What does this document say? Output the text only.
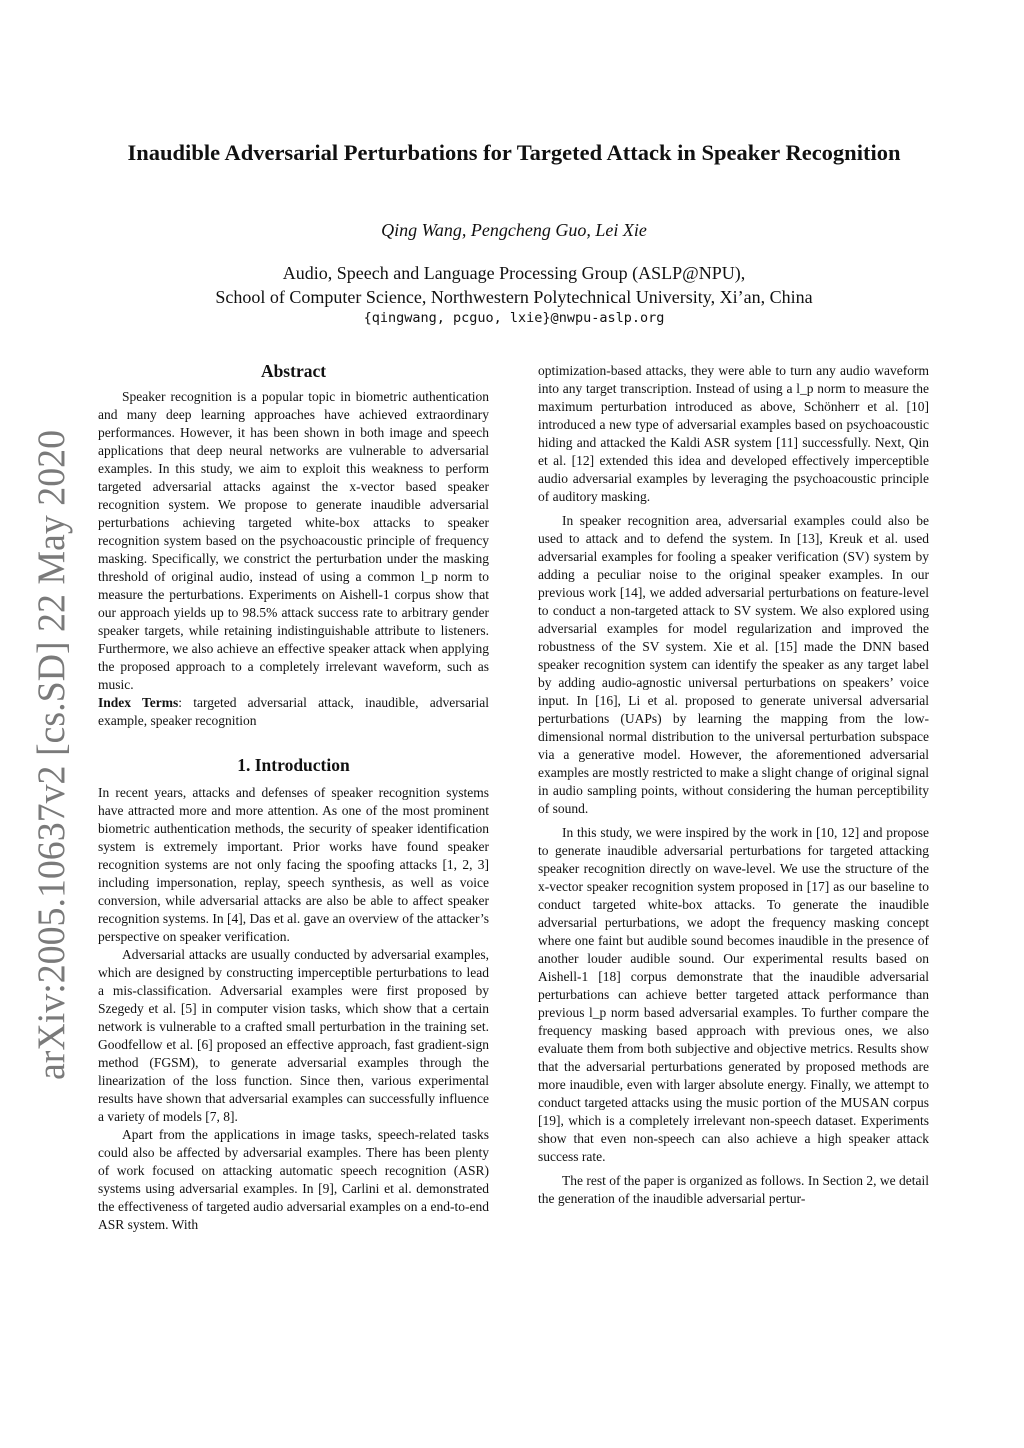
arXiv:2005.10637v2 [cs.SD] 22 May 2020
Inaudible Adversarial Perturbations for Targeted Attack in Speaker Recognition
Qing Wang, Pengcheng Guo, Lei Xie
Audio, Speech and Language Processing Group (ASLP@NPU),
School of Computer Science, Northwestern Polytechnical University, Xi’an, China
{qingwang, pcguo, lxie}@nwpu-aslp.org
Abstract

Speaker recognition is a popular topic in biometric authentication and many deep learning approaches have achieved extraordinary performances. However, it has been shown in both image and speech applications that deep neural networks are vulnerable to adversarial examples. In this study, we aim to exploit this weakness to perform targeted adversarial attacks against the x-vector based speaker recognition system. We propose to generate inaudible adversarial perturbations achieving targeted white-box attacks to speaker recognition system based on the psychoacoustic principle of frequency masking. Specifically, we constrict the perturbation under the masking threshold of original audio, instead of using a common l_p norm to measure the perturbations. Experiments on Aishell-1 corpus show that our approach yields up to 98.5% attack success rate to arbitrary gender speaker targets, while retaining indistinguishable attribute to listeners. Furthermore, we also achieve an effective speaker attack when applying the proposed approach to a completely irrelevant waveform, such as music.

Index Terms: targeted adversarial attack, inaudible, adversarial example, speaker recognition

1. Introduction

In recent years, attacks and defenses of speaker recognition systems have attracted more and more attention. As one of the most prominent biometric authentication methods, the security of speaker identification system is extremely important. Prior works have found speaker recognition systems are not only facing the spoofing attacks [1, 2, 3] including impersonation, replay, speech synthesis, as well as voice conversion, while adversarial attacks are also be able to affect speaker recognition systems. In [4], Das et al. gave an overview of the attacker’s perspective on speaker verification.

Adversarial attacks are usually conducted by adversarial examples, which are designed by constructing imperceptible perturbations to lead a mis-classification. Adversarial examples were first proposed by Szegedy et al. [5] in computer vision tasks, which show that a certain network is vulnerable to a crafted small perturbation in the training set. Goodfellow et al. [6] proposed an effective approach, fast gradient-sign method (FGSM), to generate adversarial examples through the linearization of the loss function. Since then, various experimental results have shown that adversarial examples can successfully influence a variety of models [7, 8].

Apart from the applications in image tasks, speech-related tasks could also be affected by adversarial examples. There has been plenty of work focused on attacking automatic speech recognition (ASR) systems using adversarial examples. In [9], Carlini et al. demonstrated the effectiveness of targeted audio adversarial examples on a end-to-end ASR system. With

optimization-based attacks, they were able to turn any audio waveform into any target transcription. Instead of using a l_p norm to measure the maximum perturbation introduced as above, Schönherr et al. [10] introduced a new type of adversarial examples based on psychoacoustic hiding and attacked the Kaldi ASR system [11] successfully. Next, Qin et al. [12] extended this idea and developed effectively imperceptible audio adversarial examples by leveraging the psychoacoustic principle of auditory masking.

In speaker recognition area, adversarial examples could also be used to attack and to defend the system. In [13], Kreuk et al. used adversarial examples for fooling a speaker verification (SV) system by adding a peculiar noise to the original speaker examples. In our previous work [14], we added adversarial perturbations on feature-level to conduct a non-targeted attack to SV system. We also explored using adversarial examples for model regularization and improved the robustness of the SV system. Xie et al. [15] made the DNN based speaker recognition system can identify the speaker as any target label by adding audio-agnostic universal perturbations on speakers’ voice input. In [16], Li et al. proposed to generate universal adversarial perturbations (UAPs) by learning the mapping from the low-dimensional normal distribution to the universal perturbation subspace via a generative model. However, the aforementioned adversarial examples are mostly restricted to make a slight change of original signal in audio sampling points, without considering the human perceptibility of sound.

In this study, we were inspired by the work in [10, 12] and propose to generate inaudible adversarial perturbations for targeted attacking speaker recognition directly on wave-level. We use the structure of the x-vector speaker recognition system proposed in [17] as our baseline to conduct targeted white-box attacks. To generate the inaudible adversarial perturbations, we adopt the frequency masking concept where one faint but audible sound becomes inaudible in the presence of another louder audible sound. Our experimental results based on Aishell-1 [18] corpus demonstrate that the inaudible adversarial perturbations can achieve better targeted attack performance than previous l_p norm based adversarial examples. To further compare the frequency masking based approach with previous ones, we also evaluate them from both subjective and objective metrics. Results show that the adversarial perturbations generated by proposed methods are more inaudible, even with larger absolute energy. Finally, we attempt to conduct targeted attacks using the music portion of the MUSAN corpus [19], which is a completely irrelevant non-speech dataset. Experiments show that even non-speech can also achieve a high speaker attack success rate.

The rest of the paper is organized as follows. In Section 2, we detail the generation of the inaudible adversarial pertur-
